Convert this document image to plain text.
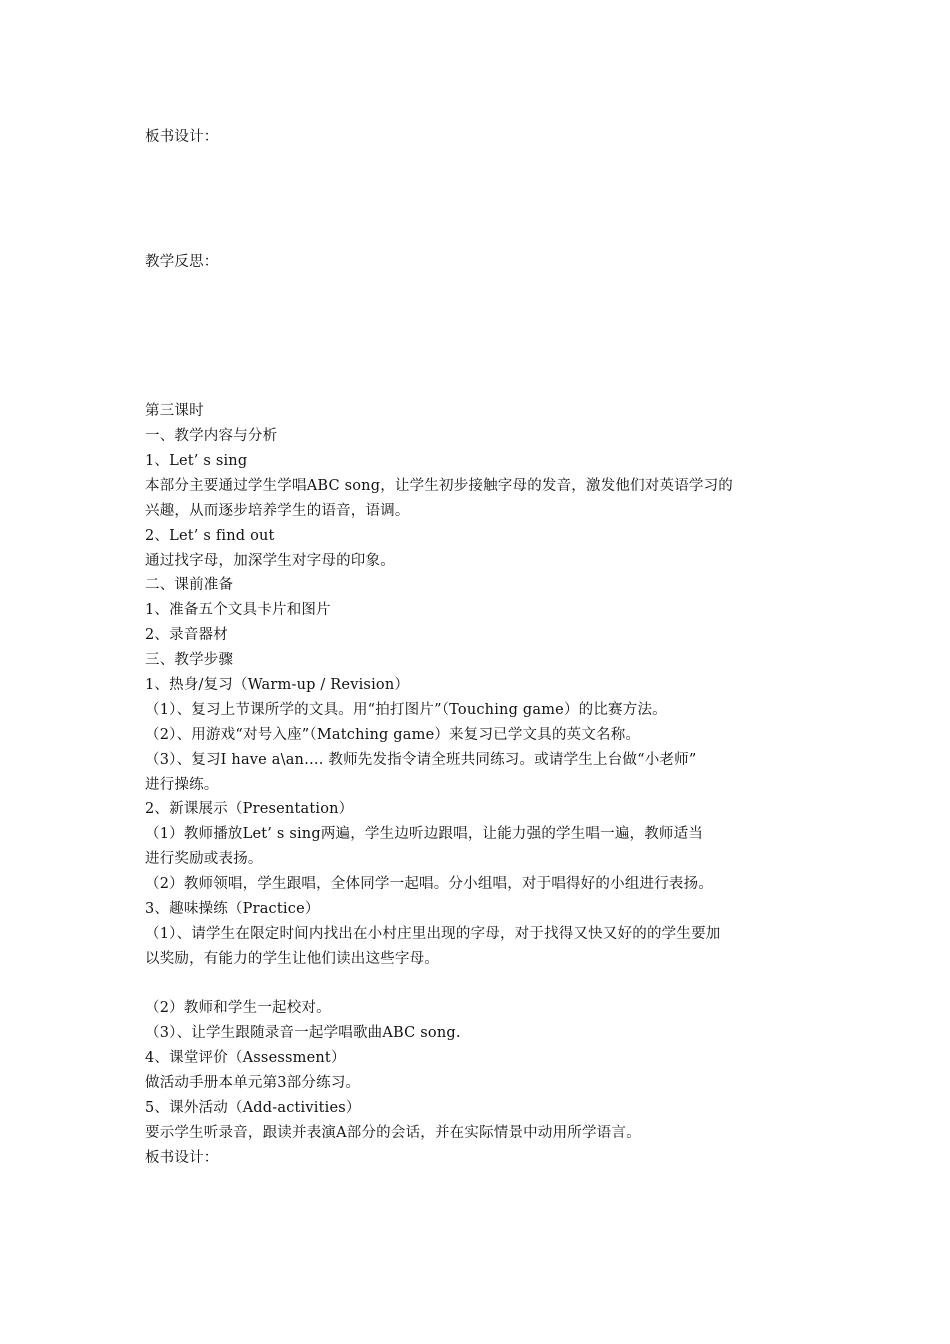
板书设计：
教学反思：
第三课时
一、教学内容与分析
1、Let’ s sing
本部分主要通过学生学唱ABC song，让学生初步接触字母的发音，激发他们对英语学习的
兴趣，从而逐步培养学生的语音，语调。
2、Let’ s find out
通过找字母，加深学生对字母的印象。
二、课前准备
1、准备五个文具卡片和图片
2、录音器材
三、教学步骤
1、热身/复习（Warm-up / Revision）
（1）、复习上节课所学的文具。用“拍打图片”（Touching game）的比赛方法。
（2）、用游戏“对号入座”（Matching game）来复习已学文具的英文名称。
（3）、复习I have a\an…. 教师先发指令请全班共同练习。或请学生上台做“小老师”
进行操练。
2、新课展示（Presentation）
（1）教师播放Let’ s sing两遍，学生边听边跟唱，让能力强的学生唱一遍，教师适当
进行奖励或表扬。
（2）教师领唱，学生跟唱，全体同学一起唱。分小组唱，对于唱得好的小组进行表扬。
3、趣味操练（Practice）
（1）、请学生在限定时间内找出在小村庄里出现的字母，对于找得又快又好的的学生要加
以奖励，有能力的学生让他们读出这些字母。
（2）教师和学生一起校对。
（3）、让学生跟随录音一起学唱歌曲ABC song.
4、课堂评价（Assessment）
做活动手册本单元第3部分练习。
5、课外活动（Add-activities）
要示学生听录音，跟读并表演A部分的会话，并在实际情景中动用所学语言。
板书设计：
